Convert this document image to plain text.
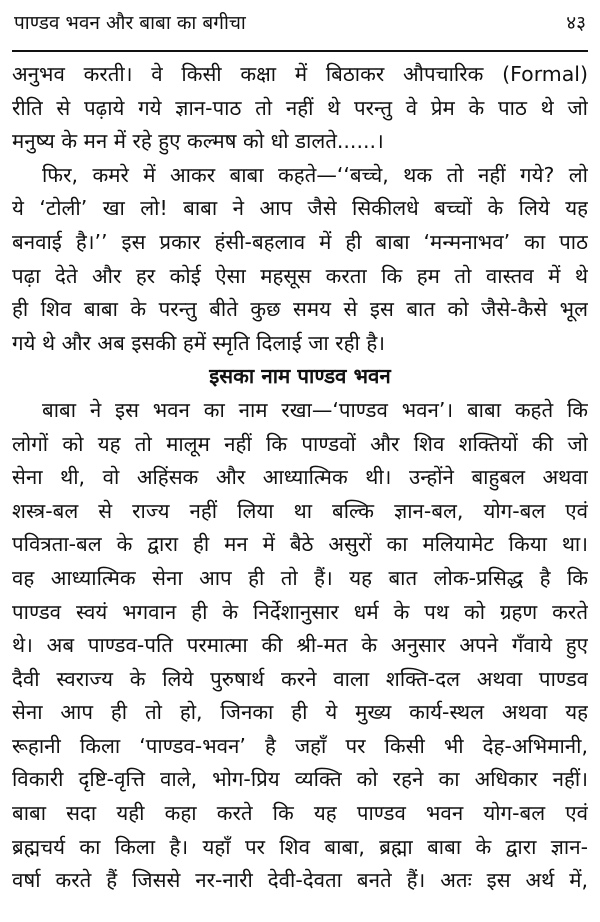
पाण्डव भवन और बाबा का बगीचा	४३
अनुभव करती। वे किसी कक्षा में बिठाकर औपचारिक (Formal)
रीति से पढ़ाये गये ज्ञान-पाठ तो नहीं थे परन्तु वे प्रेम के पाठ थे जो
मनुष्य के मन में रहे हुए कल्मष को धो डालते......।
फिर, कमरे में आकर बाबा कहते—‘‘बच्चे, थक तो नहीं गये? लो
ये ‘टोली’ खा लो! बाबा ने आप जैसे सिकीलधे बच्चों के लिये यह
बनवाई है।’’ इस प्रकार हंसी-बहलाव में ही बाबा ‘मन्मनाभव’ का पाठ
पढ़ा देते और हर कोई ऐसा महसूस करता कि हम तो वास्तव में थे
ही शिव बाबा के परन्तु बीते कुछ समय से इस बात को जैसे-कैसे भूल
गये थे और अब इसकी हमें स्मृति दिलाई जा रही है।
इसका नाम पाण्डव भवन
बाबा ने इस भवन का नाम रखा—‘पाण्डव भवन’। बाबा कहते कि
लोगों को यह तो मालूम नहीं कि पाण्डवों और शिव शक्तियों की जो
सेना थी, वो अहिंसक और आध्यात्मिक थी। उन्होंने बाहुबल अथवा
शस्त्र-बल से राज्य नहीं लिया था बल्कि ज्ञान-बल, योग-बल एवं
पवित्रता-बल के द्वारा ही मन में बैठे असुरों का मलियामेट किया था।
वह आध्यात्मिक सेना आप ही तो हैं। यह बात लोक-प्रसिद्ध है कि
पाण्डव स्वयं भगवान ही के निर्देशानुसार धर्म के पथ को ग्रहण करते
थे। अब पाण्डव-पति परमात्मा की श्री-मत के अनुसार अपने गँवाये हुए
दैवी स्वराज्य के लिये पुरुषार्थ करने वाला शक्ति-दल अथवा पाण्डव
सेना आप ही तो हो, जिनका ही ये मुख्य कार्य-स्थल अथवा यह
रूहानी किला ‘पाण्डव-भवन’ है जहाँ पर किसी भी देह-अभिमानी,
विकारी दृष्टि-वृत्ति वाले, भोग-प्रिय व्यक्ति को रहने का अधिकार नहीं।
बाबा सदा यही कहा करते कि यह पाण्डव भवन योग-बल एवं
ब्रह्मचर्य का किला है। यहाँ पर शिव बाबा, ब्रह्मा बाबा के द्वारा ज्ञान-
वर्षा करते हैं जिससे नर-नारी देवी-देवता बनते हैं। अतः इस अर्थ में,
